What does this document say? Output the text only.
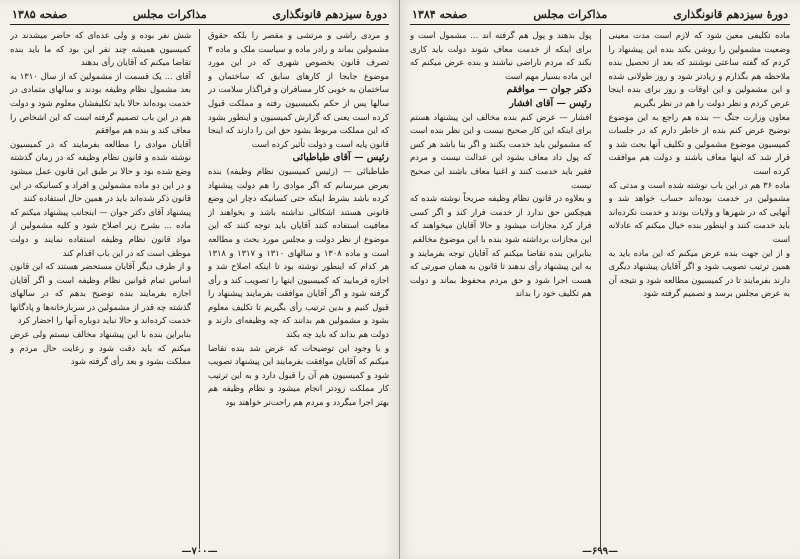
دورهٔ سیزدهم قانونگذاری
مذاکرات مجلس
صفحه ۱۳۸۵

و مردی راشی و مرتشی و مقصر را بلکه حقوق مشمولین بماند و رادر ماده و سیاست ملک و ماده ۳ تصرف قانون بخصوص شهری که در این مورد موضوع جابجا از کارهای سابق که ساختمان و ساختمان به خوبی کار مسافران و فراگذار سلامت در سالها پس از حکم بکمیسیون رفته و مملکت قبول کرده است یعنی که گزارش کمیسیون و اینطور بشود که این مملکت مربوط بشود حق این را دارند که اینجا قانون پایه است و دولت تأثیر کرده است

رئیس — آقای طباطبائی

طباطبائی — (رئیس کمیسیون نظام وظیفه) بنده بعرض میرسانم که اگر موادی را هم دولت پیشنهاد کرده باشد بشرط اینکه حتی کسانیکه دچار این وضع قانونی هستند اشکالی نداشته باشد و بخواهند از معافیت استفاده کنند آقایان باید توجه کنند که این موضوع از نظر دولت و مجلس مورد بحث و مطالعه است و ماده ۱۳۰۸ و سالهای ۱۳۱۰ و ۱۳۱۷ و ۱۳۱۸ هر کدام که اینطور نوشته بود تا اینکه اصلاح شد و اجازه فرمایید که کمیسیون اینها را تصویب کند و رأی گرفته شود و اگر آقایان موافقت بفرمایند پیشنهاد را قبول کنیم و بدین ترتیب رأی بگیریم تا تکلیف معلوم بشود و مشمولین هم بدانند که چه وظیفه‌ای دارند و دولت هم بداند که باید چه بکند

و با وجود این توضیحات که عرض شد بنده تقاضا میکنم که آقایان موافقت بفرمایند این پیشنهاد تصویب شود و کمیسیون هم آن را قبول دارد و به این ترتیب کار مملکت زودتر انجام میشود و نظام وظیفه هم بهتر اجرا میگردد و مردم هم راحت‌تر خواهند بود

شش نفر بوده و ولی عده‌ای که حاضر میشدند در کمیسیون همیشه چند نفر این بود که ما باید بنده تقاضا میکنم که آقایان رأی بدهند

آقای ... یک قسمت از مشمولین که از سال ۱۳۱۰ به بعد مشمول نظام وظیفه بودند و سالهای متمادی در خدمت بوده‌اند حالا باید تکلیفشان معلوم شود و دولت هم در این باب تصمیم گرفته است که این اشخاص را معاف کند و بنده هم موافقم

آقایان موادی را مطالعه بفرمایند که در کمیسیون نوشته شده و قانون نظام وظیفه که در زمان گذشته وضع شده بود و حالا بر طبق این قانون عمل میشود و در این دو ماده مشمولین و افراد و کسانیکه در این قانون ذکر شده‌اند باید در همین حال استفاده کنند

پیشنهاد آقای دکتر جوان — اینجانب پیشنهاد میکنم که ماده ... بشرح زیر اصلاح شود و کلیه مشمولین از مواد قانون نظام وظیفه استفاده نمایند و دولت موظف است که در این باب اقدام کند

و از طرف دیگر آقایان مستحضر هستند که این قانون اساس تمام قوانین نظام وظیفه است و اگر آقایان اجازه بفرمایند بنده توضیح بدهم که در سالهای گذشته چه قدر از مشمولین در سربازخانه‌ها و پادگانها خدمت کرده‌اند و حالا نباید دوباره آنها را احضار کرد

بنابراین بنده با این پیشنهاد مخالف نیستم ولی عرض میکنم که باید دقت شود و رعایت حال مردم و مملکت بشود و بعد رأی گرفته شود

—۷۰۰—
دورهٔ سیزدهم قانونگذاری
مذاکرات مجلس
صفحه ۱۳۸۴

ماده تکلیفی معین شود که لازم است مدت معینی وضعیت مشمولین را روشن بکند بنده این پیشنهاد را کردم که گفته ساعتی نوشتند که بعد از تحصیل بنده ملاحظه هم بگذارم و زیادتر شود و روز طولانی شده و این مشمولین و این اوقات و روز برای بنده اینجا عرض کردم و نظر دولت را هم در نظر بگیریم

معاون وزارت جنگ — بنده هم راجع به این موضوع توضیح عرض کنم بنده از خاطر دارم که در جلسات کمیسیون موضوع مشمولین و تکلیف آنها بحث شد و قرار شد که اینها معاف باشند و دولت هم موافقت کرده است

ماده ۳۶ هم در این باب نوشته شده است و مدتی که مشمولین در خدمت بوده‌اند حساب خواهد شد و آنهایی که در شهرها و ولایات بودند و خدمت نکرده‌اند باید خدمت کنند و اینطور بنده خیال میکنم که عادلانه است

و از این جهت بنده عرض میکنم که این ماده باید به همین ترتیب تصویب شود و اگر آقایان پیشنهاد دیگری دارند بفرمایند تا در کمیسیون مطالعه شود و نتیجه آن به عرض مجلس برسد و تصمیم گرفته شود

پول بدهند و پول هم گرفته اند ... مشمول است و برای اینکه از خدمت معاف شوند دولت باید کاری بکند که مردم ناراضی نباشند و بنده عرض میکنم که این ماده بسیار مهم است

دکتر جوان — موافقم

رئیس — آقای افشار

افشار — عرض کنم بنده مخالف این پیشنهاد هستم برای اینکه این کار صحیح نیست و این نظر بنده است که مشمولین باید خدمت بکنند و اگر بنا باشد هر کس که پول داد معاف بشود این عدالت نیست و مردم فقیر باید خدمت کنند و اغنیا معاف باشند این صحیح نیست

و بعلاوه در قانون نظام وظیفه صریحاً نوشته شده که هیچکس حق ندارد از خدمت فرار کند و اگر کسی فرار کرد مجازات میشود و حالا آقایان میخواهند که این مجازات برداشته شود بنده با این موضوع مخالفم

بنابراین بنده تقاضا میکنم که آقایان توجه بفرمایند و به این پیشنهاد رأی ندهند تا قانون به همان صورتی که هست اجرا شود و حق مردم محفوظ بماند و دولت هم تکلیف خود را بداند

—۶۹۹—
